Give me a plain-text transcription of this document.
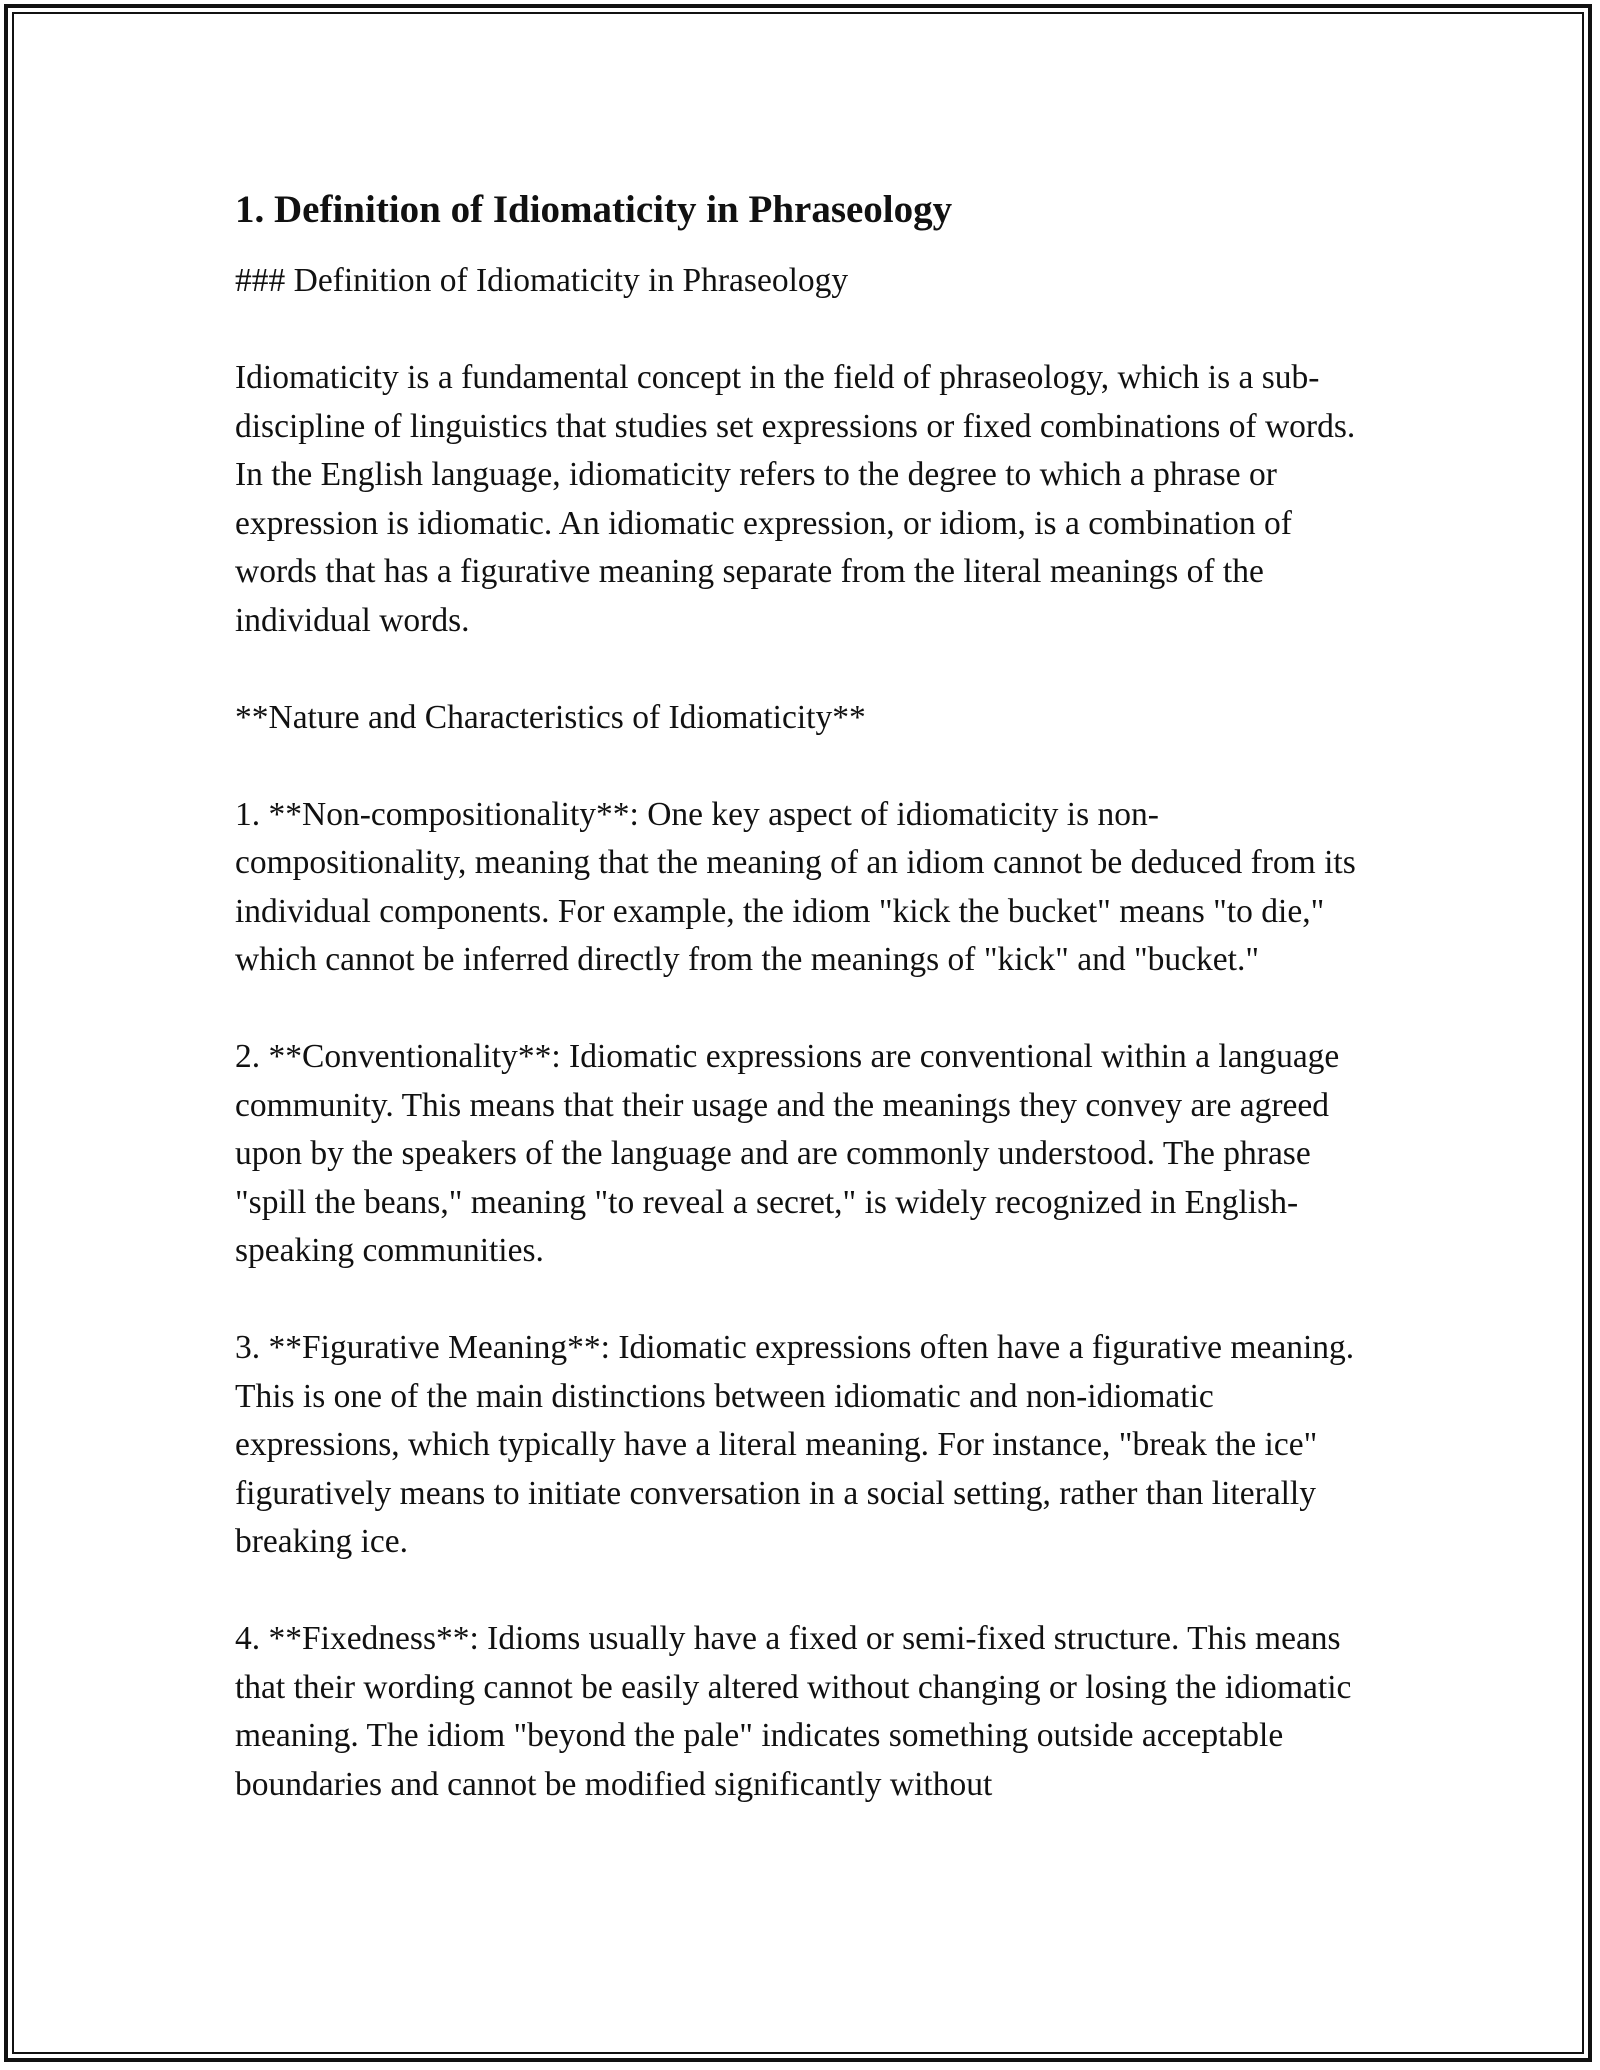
1. Definition of Idiomaticity in Phraseology

### Definition of Idiomaticity in Phraseology

Idiomaticity is a fundamental concept in the field of phraseology, which is a sub-discipline of linguistics that studies set expressions or fixed combinations of words. In the English language, idiomaticity refers to the degree to which a phrase or expression is idiomatic. An idiomatic expression, or idiom, is a combination of words that has a figurative meaning separate from the literal meanings of the individual words.

**Nature and Characteristics of Idiomaticity**

1. **Non-compositionality**: One key aspect of idiomaticity is non-compositionality, meaning that the meaning of an idiom cannot be deduced from its individual components. For example, the idiom "kick the bucket" means "to die," which cannot be inferred directly from the meanings of "kick" and "bucket."

2. **Conventionality**: Idiomatic expressions are conventional within a language community. This means that their usage and the meanings they convey are agreed upon by the speakers of the language and are commonly understood. The phrase "spill the beans," meaning "to reveal a secret," is widely recognized in English-speaking communities.

3. **Figurative Meaning**: Idiomatic expressions often have a figurative meaning. This is one of the main distinctions between idiomatic and non-idiomatic expressions, which typically have a literal meaning. For instance, "break the ice" figuratively means to initiate conversation in a social setting, rather than literally breaking ice.

4. **Fixedness**: Idioms usually have a fixed or semi-fixed structure. This means that their wording cannot be easily altered without changing or losing the idiomatic meaning. The idiom "beyond the pale" indicates something outside acceptable boundaries and cannot be modified significantly without
